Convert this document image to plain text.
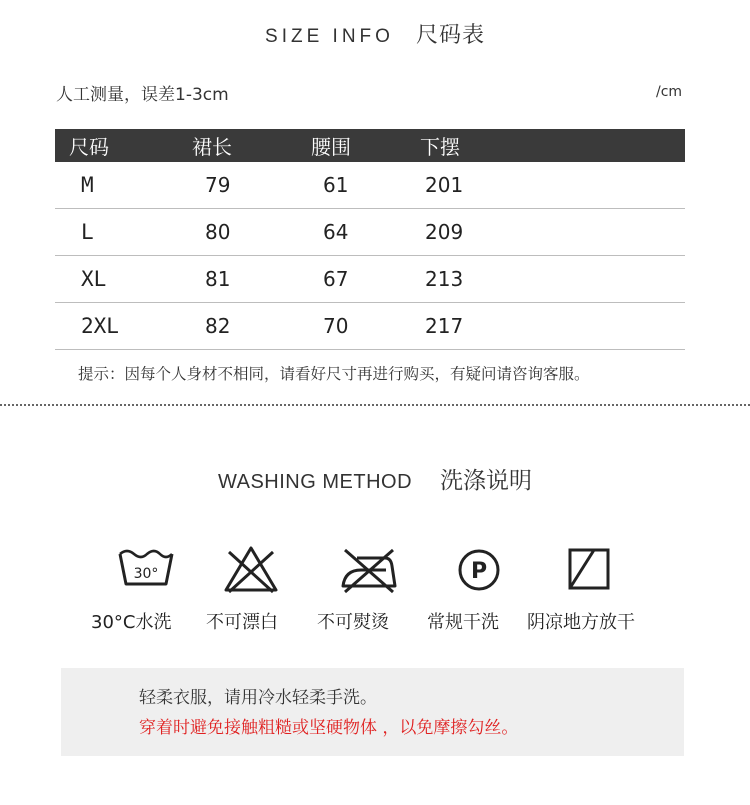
SIZE INFO 尺码表
人工测量，误差1-3cm	/cm
尺码	裙长	腰围	下摆
M	79	61	201
L	80	64	209
XL	81	67	213
2XL	82	70	217
提示：因每个人身材不相同，请看好尺寸再进行购买，有疑问请咨询客服。
WASHING METHOD 洗涤说明
30°	P
30°C水洗 不可漂白 不可熨烫 常规干洗 阴凉地方放干
轻柔衣服，请用冷水轻柔手洗。
穿着时避免接触粗糙或坚硬物体 ，以免摩擦勾丝。
